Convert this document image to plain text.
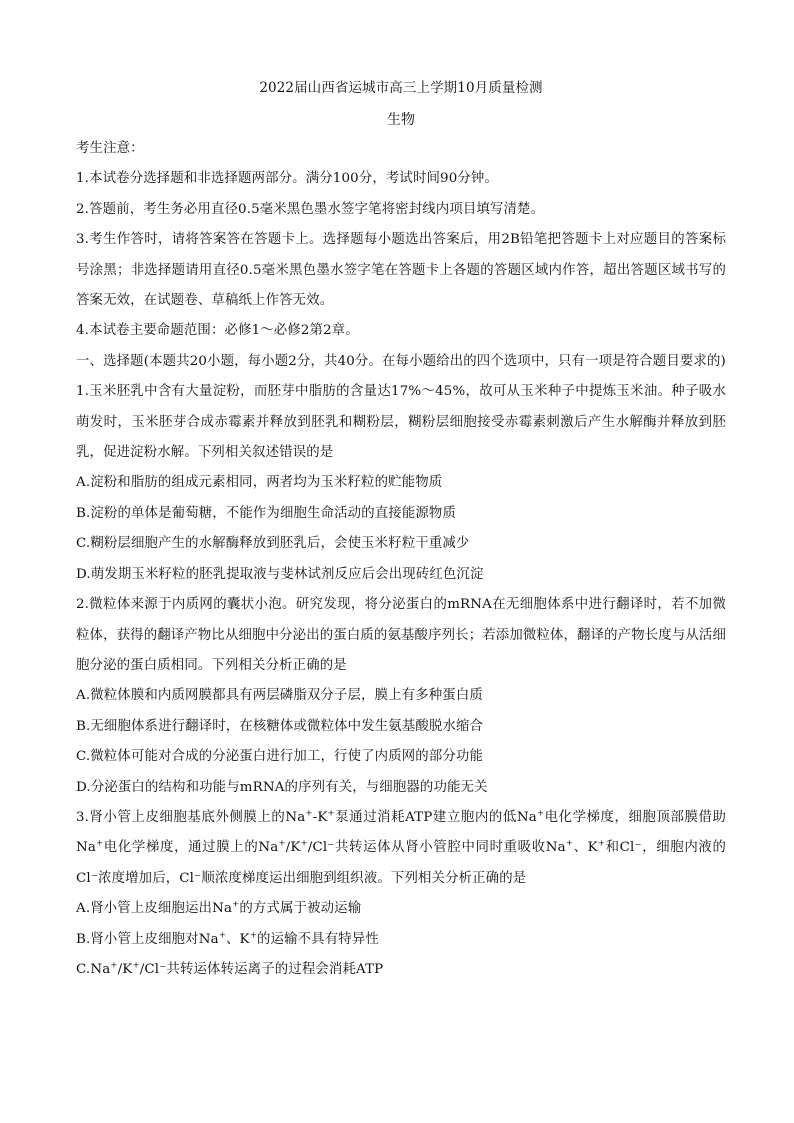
2022届山西省运城市高三上学期10月质量检测

生物

考生注意：

1.本试卷分选择题和非选择题两部分。满分100分，考试时间90分钟。

2.答题前，考生务必用直径0.5毫米黑色墨水签字笔将密封线内项目填写清楚。

3.考生作答时，请将答案答在答题卡上。选择题每小题选出答案后，用2B铅笔把答题卡上对应题目的答案标号涂黑；非选择题请用直径0.5毫米黑色墨水签字笔在答题卡上各题的答题区域内作答，超出答题区域书写的答案无效，在试题卷、草稿纸上作答无效。

4.本试卷主要命题范围：必修1～必修2第2章。

一、选择题(本题共20小题，每小题2分，共40分。在每小题给出的四个选项中，只有一项是符合题目要求的)

1.玉米胚乳中含有大量淀粉，而胚芽中脂肪的含量达17%～45%，故可从玉米种子中提炼玉米油。种子吸水萌发时，玉米胚芽合成赤霉素并释放到胚乳和糊粉层，糊粉层细胞接受赤霉素刺激后产生水解酶并释放到胚乳，促进淀粉水解。下列相关叙述错误的是

A.淀粉和脂肪的组成元素相同，两者均为玉米籽粒的贮能物质

B.淀粉的单体是葡萄糖，不能作为细胞生命活动的直接能源物质

C.糊粉层细胞产生的水解酶释放到胚乳后，会使玉米籽粒干重减少

D.萌发期玉米籽粒的胚乳提取液与斐林试剂反应后会出现砖红色沉淀

2.微粒体来源于内质网的囊状小泡。研究发现，将分泌蛋白的mRNA在无细胞体系中进行翻译时，若不加微粒体，获得的翻译产物比从细胞中分泌出的蛋白质的氨基酸序列长；若添加微粒体，翻译的产物长度与从活细胞分泌的蛋白质相同。下列相关分析正确的是

A.微粒体膜和内质网膜都具有两层磷脂双分子层，膜上有多种蛋白质

B.无细胞体系进行翻译时，在核糖体或微粒体中发生氨基酸脱水缩合

C.微粒体可能对合成的分泌蛋白进行加工，行使了内质网的部分功能

D.分泌蛋白的结构和功能与mRNA的序列有关，与细胞器的功能无关

3.肾小管上皮细胞基底外侧膜上的Na+-K+泵通过消耗ATP建立胞内的低Na+电化学梯度，细胞顶部膜借助Na+电化学梯度，通过膜上的Na+/K+/Cl⁻共转运体从肾小管腔中同时重吸收Na+、K+和Cl⁻，细胞内液的Cl⁻浓度增加后，Cl⁻顺浓度梯度运出细胞到组织液。下列相关分析正确的是

A.肾小管上皮细胞运出Na+的方式属于被动运输

B.肾小管上皮细胞对Na+、K+的运输不具有特异性

C.Na+/K+/Cl⁻共转运体转运离子的过程会消耗ATP
